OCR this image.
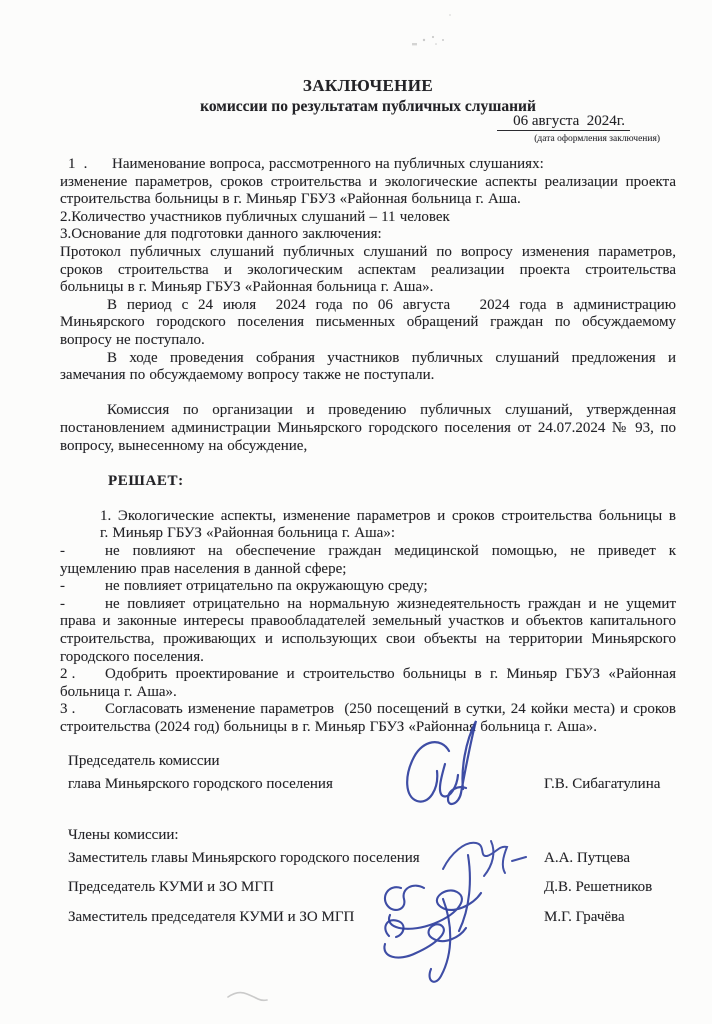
ЗАКЛЮЧЕНИЕ
комиссии по результатам публичных слушаний
06 августа  2024г.
(дата оформления заключения)
1 . Наименование вопроса, рассмотренного на публичных слушаниях:
изменение параметров, сроков строительства и экологические аспекты реализации проекта
строительства больницы в г. Миньяр ГБУЗ «Районная больница г. Аша.
2.Количество участников публичных слушаний – 11 человек
3.Основание для подготовки данного заключения:
Протокол публичных слушаний публичных слушаний по вопросу изменения параметров,
сроков строительства и экологическим аспектам реализации проекта строительства
больницы в г. Миньяр ГБУЗ «Районная больница г. Аша».
В период с 24 июля  2024 года по 06 августа   2024 года в администрацию
Миньярского городского поселения письменных обращений граждан по обсуждаемому
вопросу не поступало.
В ходе проведения собрания участников публичных слушаний предложения и
замечания по обсуждаемому вопросу также не поступали.
Комиссия по организации и проведению публичных слушаний, утвержденная
постановлением администрации Миньярского городского поселения от 24.07.2024 № 93, по
вопросу, вынесенному на обсуждение,
РЕШАЕТ:
1. Экологические аспекты, изменение параметров и сроков строительства больницы в
г. Миньяр ГБУЗ «Районная больница г. Аша»:
-	не повлияют на обеспечение граждан медицинской помощью, не приведет к
ущемлению прав населения в данной сфере;
-	не повлияет отрицательно па окружающую среду;
-	не повлияет отрицательно на нормальную жизнедеятельность граждан и не ущемит
права и законные интересы правообладателей земельный участков и объектов капитального
строительства, проживающих и использующих свои объекты на территории Миньярского
городского поселения.
2 . Одобрить проектирование и строительство больницы в г. Миньяр ГБУЗ «Районная
больница г. Аша».
3 . Согласовать изменение параметров  (250 посещений в сутки, 24 койки места) и сроков
строительства (2024 год) больницы в г. Миньяр ГБУЗ «Районная больница г. Аша».
Председатель комиссии
глава Миньярского городского поселения	Г.В. Сибагатулина
Члены комиссии:
Заместитель главы Миньярского городского поселения	А.А. Путцева
Председатель КУМИ и ЗО МГП	Д.В. Решетников
Заместитель председателя КУМИ и ЗО МГП	М.Г. Грачёва
